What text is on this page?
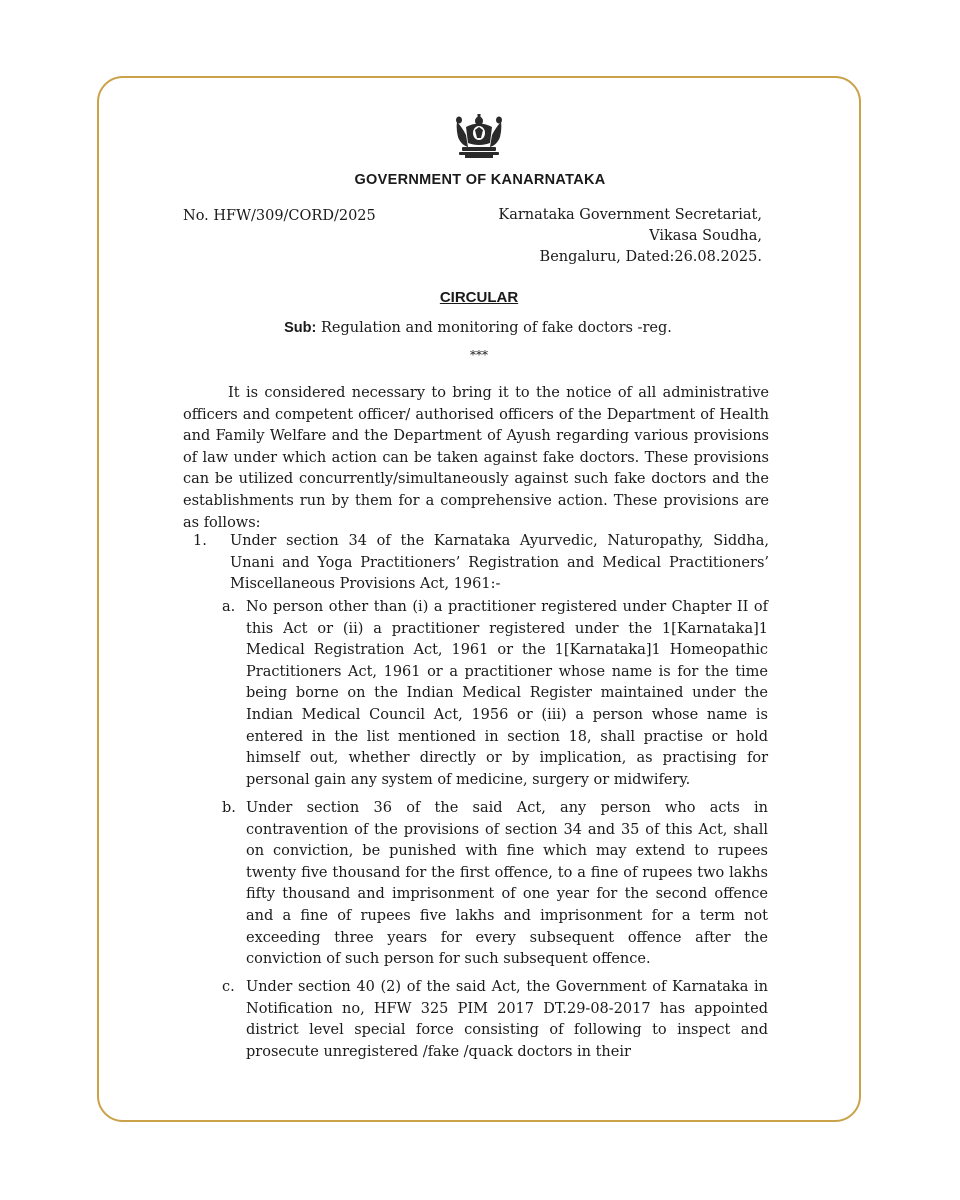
GOVERNMENT OF KANARNATAKA
No. HFW/309/CORD/2025	Karnataka Government Secretariat,
Vikasa Soudha,
Bengaluru, Dated:26.08.2025.
CIRCULAR
Sub: Regulation and monitoring of fake doctors -reg.
***
It is considered necessary to bring it to the notice of all administrative officers and competent officer/ authorised officers of the Department of Health and Family Welfare and the Department of Ayush regarding various provisions of law under which action can be taken against fake doctors. These provisions can be utilized concurrently/simultaneously against such fake doctors and the establishments run by them for a comprehensive action. These provisions are as follows:
1. Under section 34 of the Karnataka Ayurvedic, Naturopathy, Siddha, Unani and Yoga Practitioners’ Registration and Medical Practitioners’ Miscellaneous Provisions Act, 1961:-
a. No person other than (i) a practitioner registered under Chapter II of this Act or (ii) a practitioner registered under the 1[Karnataka]1 Medical Registration Act, 1961 or the 1[Karnataka]1 Homeopathic Practitioners Act, 1961 or a practitioner whose name is for the time being borne on the Indian Medical Register maintained under the Indian Medical Council Act, 1956 or (iii) a person whose name is entered in the list mentioned in section 18, shall practise or hold himself out, whether directly or by implication, as practising for personal gain any system of medicine, surgery or midwifery.
b. Under section 36 of the said Act, any person who acts in contravention of the provisions of section 34 and 35 of this Act, shall on conviction, be punished with fine which may extend to rupees twenty five thousand for the first offence, to a fine of rupees two lakhs fifty thousand and imprisonment of one year for the second offence and a fine of rupees five lakhs and imprisonment for a term not exceeding three years for every subsequent offence after the conviction of such person for such subsequent offence.
c. Under section 40 (2) of the said Act, the Government of Karnataka in Notification no, HFW 325 PIM 2017 DT.29-08-2017 has appointed district level special force consisting of following to inspect and prosecute unregistered /fake /quack doctors in their
